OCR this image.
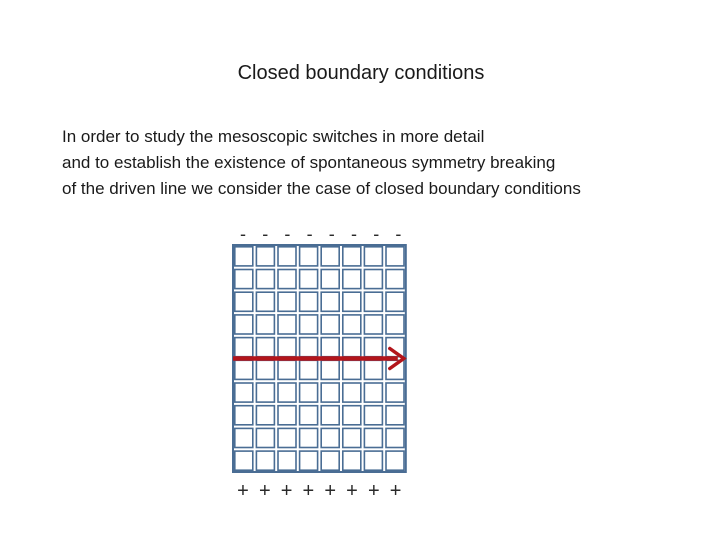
Closed boundary conditions
In order to study the mesoscopic switches in more detail
and to establish the existence of spontaneous symmetry breaking
of the driven line we consider the case of closed boundary conditions
- - - - - - - -
+ + + + + + + +
